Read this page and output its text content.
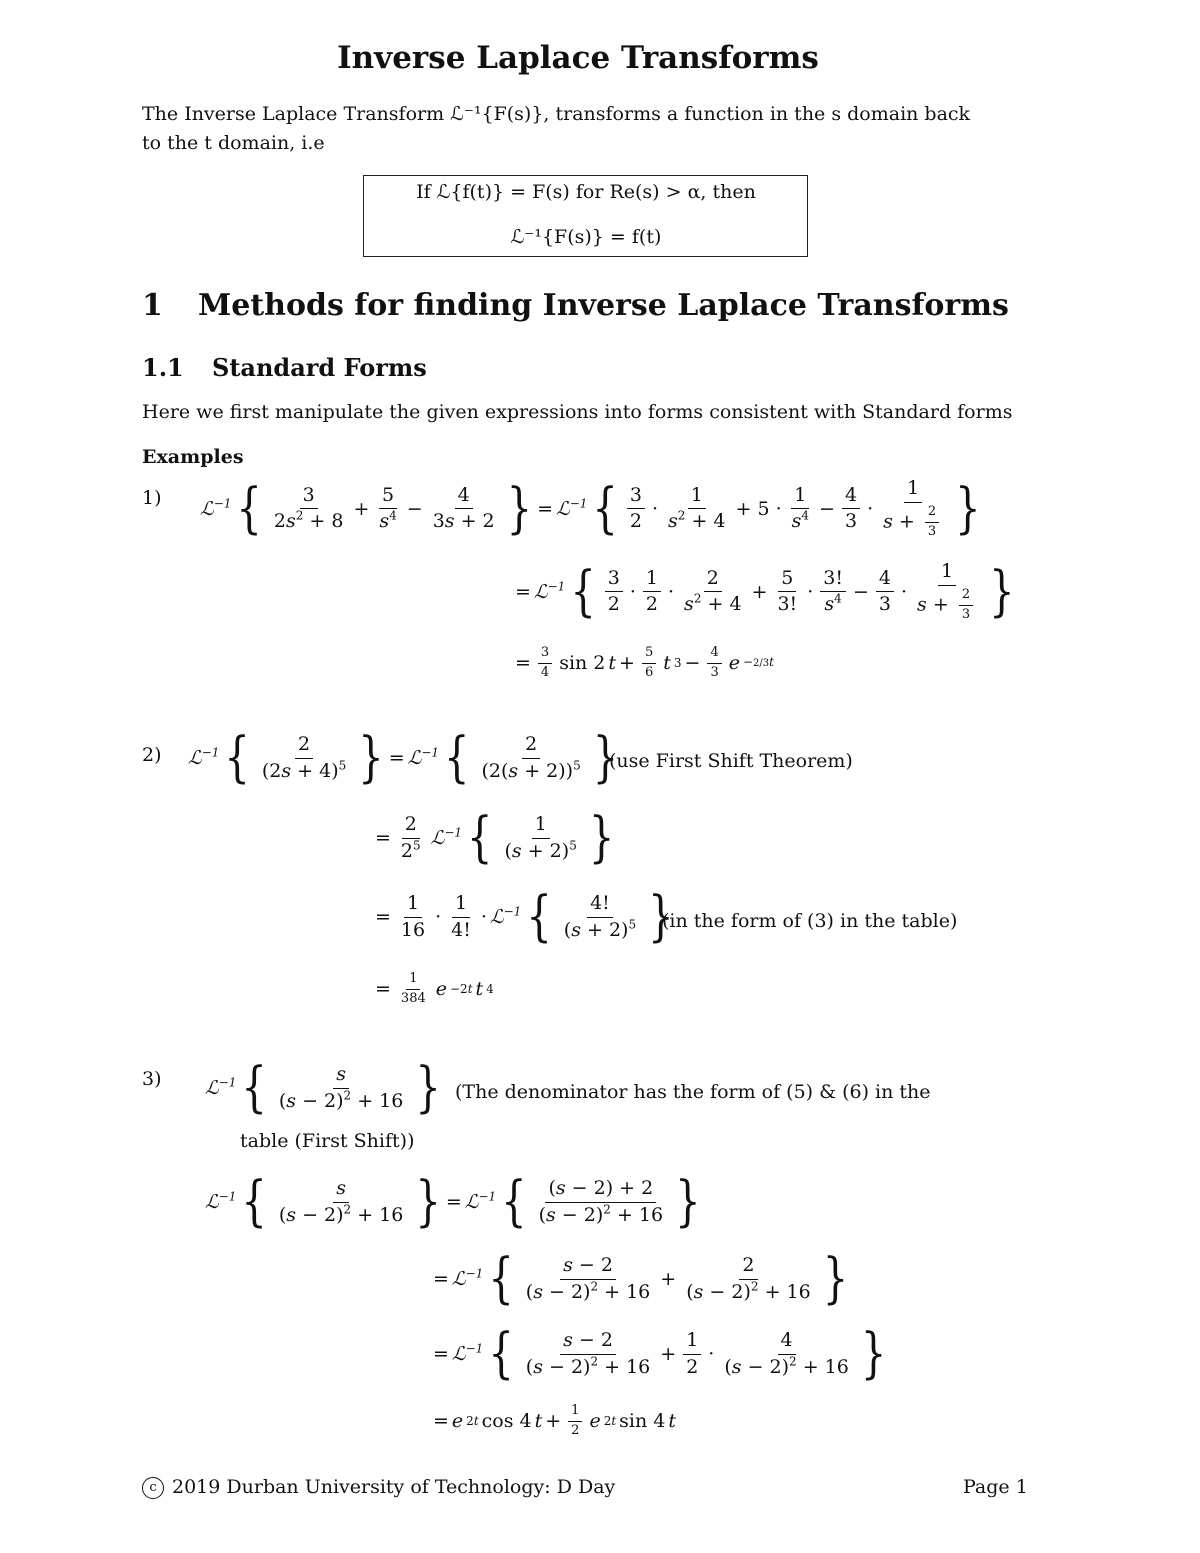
Inverse Laplace Transforms
The Inverse Laplace Transform ℒ⁻¹{F(s)}, transforms a function in the s domain back
to the t domain, i.e
If ℒ{f(t)} = F(s) for Re(s) > α, then
ℒ⁻¹{F(s)} = f(t)
1 Methods for finding Inverse Laplace Transforms
1.1 Standard Forms
Here we first manipulate the given expressions into forms consistent with Standard forms
Examples
1) ℒ$^{-1}$ { $\frac{3}{2s^2 + 8} + \frac{5}{s^4} - \frac{4}{3s + 2}$ } = ℒ$^{-1}$ { $\frac{3}{2} \cdot \frac{1}{s^2 + 4} + 5 \cdot \frac{1}{s^4} - \frac{4}{3} \cdot \frac{1}{s + \frac{2}{3}}$ }
= ℒ$^{-1}$ { $\frac{3}{2} \cdot \frac{1}{2} \cdot \frac{2}{s^2 + 4} + \frac{5}{3!} \cdot \frac{3!}{s^4} - \frac{4}{3} \cdot \frac{1}{s + \frac{2}{3}}$ }
= $\frac{3}{4}$ sin 2 $t + \frac{5}{6}$ t $3 - \frac{4}{3}$ e −2/3t
2) ℒ$^{-1}$ { $\frac{2}{(2s + 4)^5}$ } = ℒ$^{-1}$ { $\frac{2}{(2(s + 2))^5}$ }
(use First Shift Theorem)
= $\frac{2}{2^5}$ ℒ$^{-1}$ { $\frac{1}{(s + 2)^5}$ }
= $\frac{1}{16} \cdot \frac{1}{4!}$ · ℒ$^{-1}$ { $\frac{4!}{(s + 2)^5}$ }
(in the form of (3) in the table)
= $\frac{1}{384}$ e −2t t 4
3) ℒ$^{-1}$ { $\frac{s}{(s - 2)^2 + 16}$ } (The denominator has the form of (5) & (6) in the
table (First Shift))
ℒ$^{-1}$ { $\frac{s}{(s - 2)^2 + 16}$ } = ℒ$^{-1}$ { $\frac{(s - 2) + 2}{(s - 2)^2 + 16}$ }
= ℒ$^{-1}$ { $\frac{s - 2}{(s - 2)^2 + 16} + \frac{2}{(s - 2)^2 + 16}$ }
= ℒ$^{-1}$ { $\frac{s - 2}{(s - 2)^2 + 16} + \frac{1}{2} \cdot \frac{4}{(s - 2)^2 + 16}$ }
= e 2t cos 4 $t + \frac{1}{2}$ e 2t sin 4 t
c 2019 Durban University of Technology: D Day	Page 1
